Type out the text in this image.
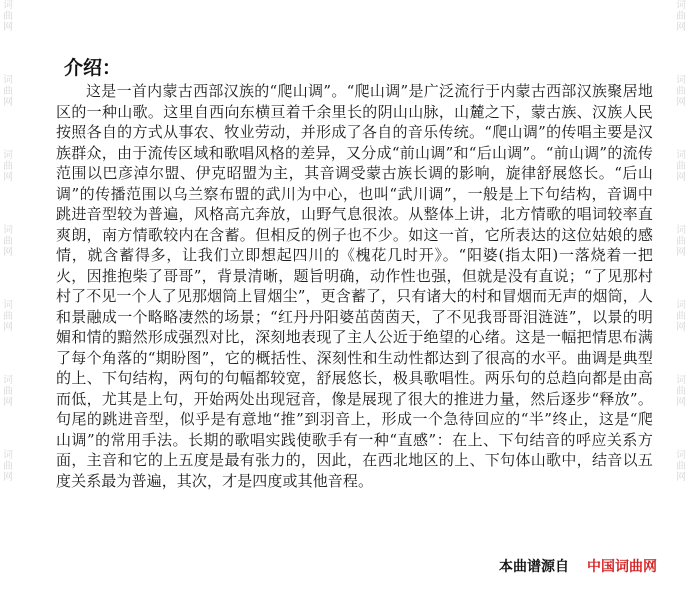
词
曲
网
词
曲
网
词
曲
网
词
曲
网
词
曲
网
词
曲
网
词
曲
网
词
曲
网
词
曲
网
词
曲
网
词
曲
网
词
曲
网
词
曲
网
词
曲
网
介绍：

这是一首内蒙古西部汉族的“爬山调”。“爬山调”是广泛流行于内蒙古西部汉族聚居地区的一种山歌。这里自西向东横亘着千余里长的阴山山脉，山麓之下，蒙古族、汉族人民按照各自的方式从事农、牧业劳动，并形成了各自的音乐传统。“爬山调”的传唱主要是汉族群众，由于流传区域和歌唱风格的差异，又分成“前山调”和“后山调”。“前山调”的流传范围以巴彦淖尔盟、伊克昭盟为主，其音调受蒙古族长调的影响，旋律舒展悠长。“后山调”的传播范围以乌兰察布盟的武川为中心，也叫“武川调”，一般是上下句结构，音调中跳进音型较为普遍，风格高亢奔放，山野气息很浓。从整体上讲，北方情歌的唱词较率直爽朗，南方情歌较内在含蓄。但相反的例子也不少。如这一首，它所表达的这位姑娘的感情，就含蓄得多，让我们立即想起四川的《槐花几时开》。“阳婆(指太阳)一落烧着一把火，因推抱柴了哥哥”，背景清晰，题旨明确，动作性也强，但就是没有直说；“了见那村村了不见一个人了见那烟筒上冒烟尘”，更含蓄了，只有诸大的村和冒烟而无声的烟筒，人和景融成一个略略凄然的场景；“红丹丹阳婆茁茵茵天，了不见我哥哥泪涟涟”，以景的明媚和情的黯然形成强烈对比，深刻地表现了主人公近于绝望的心绪。这是一幅把情思布满了每个角落的“期盼图”，它的概括性、深刻性和生动性都达到了很高的水平。曲调是典型的上、下句结构，两句的句幅都较宽，舒展悠长，极具歌唱性。两乐句的总趋向都是由高而低，尤其是上句，开始两处出现冠音，像是展现了很大的推进力量，然后逐步“释放”。句尾的跳进音型，似乎是有意地“推”到羽音上，形成一个急待回应的“半”终止，这是“爬山调”的常用手法。长期的歌唱实践使歌手有一种“直感”：在上、下句结音的呼应关系方面，主音和它的上五度是最有张力的，因此，在西北地区的上、下句体山歌中，结音以五度关系最为普遍，其次，才是四度或其他音程。

本曲谱源自 中国词曲网
